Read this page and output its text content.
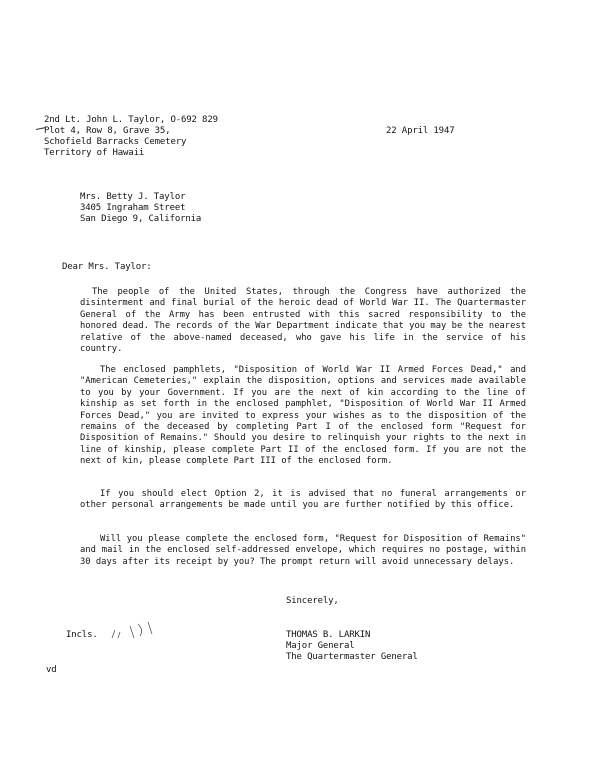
2nd Lt. John L. Taylor, O-692 829
Plot 4, Row 8, Grave 35,
Schofield Barracks Cemetery
Territory of Hawaii
22 April 1947
Mrs. Betty J. Taylor
3405 Ingraham Street
San Diego 9, California
Dear Mrs. Taylor:
The people of the United States, through the Congress have authorized the disinterment and final burial of the heroic dead of World War II. The Quartermaster General of the Army has been entrusted with this sacred responsibility to the honored dead. The records of the War Department indicate that you may be the nearest relative of the above-named deceased, who gave his life in the service of his country.
The enclosed pamphlets, "Disposition of World War II Armed Forces Dead," and "American Cemeteries," explain the disposition, options and services made available to you by your Government. If you are the next of kin according to the line of kinship as set forth in the enclosed pamphlet, "Disposition of World War II Armed Forces Dead," you are invited to express your wishes as to the disposition of the remains of the deceased by completing Part I of the enclosed form "Request for Disposition of Remains." Should you desire to relinquish your rights to the next in line of kinship, please complete Part II of the enclosed form. If you are not the next of kin, please complete Part III of the enclosed form.
If you should elect Option 2, it is advised that no funeral arrangements or other personal arrangements be made until you are further notified by this office.
Will you please complete the enclosed form, "Request for Disposition of Remains" and mail in the enclosed self-addressed envelope, which requires no postage, within 30 days after its receipt by you? The prompt return will avoid unnecessary delays.
Sincerely,
Incls.	THOMAS B. LARKIN
Major General
The Quartermaster General
vd
